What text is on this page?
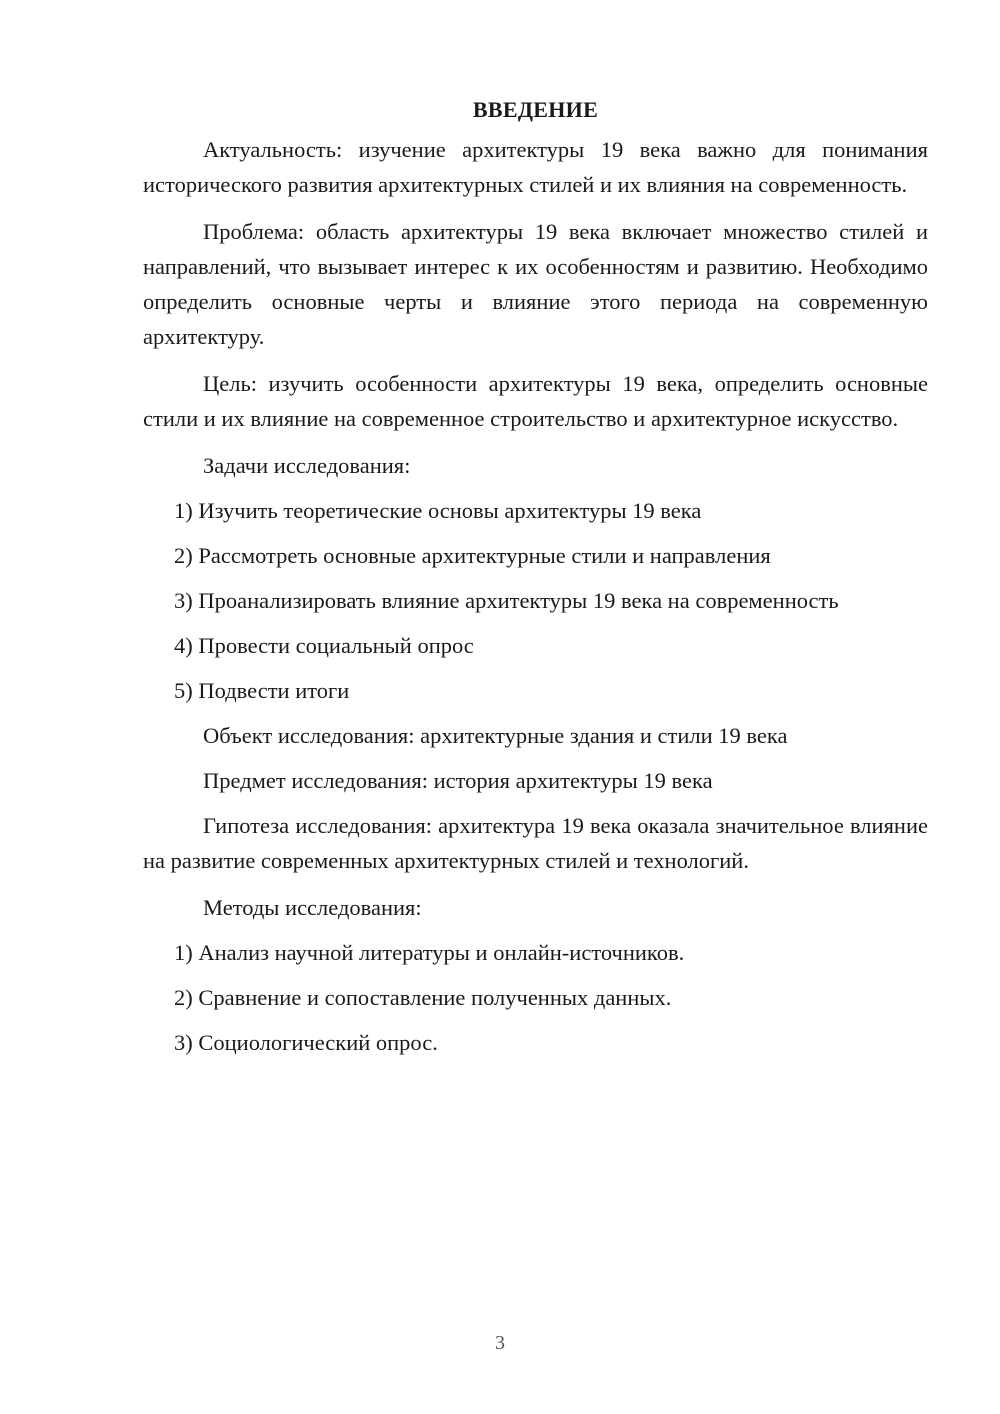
ВВЕДЕНИЕ

Актуальность: изучение архитектуры 19 века важно для понимания исторического развития архитектурных стилей и их влияния на современность.

Проблема: область архитектуры 19 века включает множество стилей и направлений, что вызывает интерес к их особенностям и развитию. Необходимо определить основные черты и влияние этого периода на современную архитектуру.

Цель: изучить особенности архитектуры 19 века, определить основные стили и их влияние на современное строительство и архитектурное искусство.

Задачи исследования:
1) Изучить теоретические основы архитектуры 19 века
2) Рассмотреть основные архитектурные стили и направления
3) Проанализировать влияние архитектуры 19 века на современность
4) Провести социальный опрос
5) Подвести итоги
Объект исследования: архитектурные здания и стили 19 века
Предмет исследования: история архитектуры 19 века

Гипотеза исследования: архитектура 19 века оказала значительное влияние на развитие современных архитектурных стилей и технологий.

Методы исследования:
1) Анализ научной литературы и онлайн-источников.
2) Сравнение и сопоставление полученных данных.
3) Социологический опрос.
3
